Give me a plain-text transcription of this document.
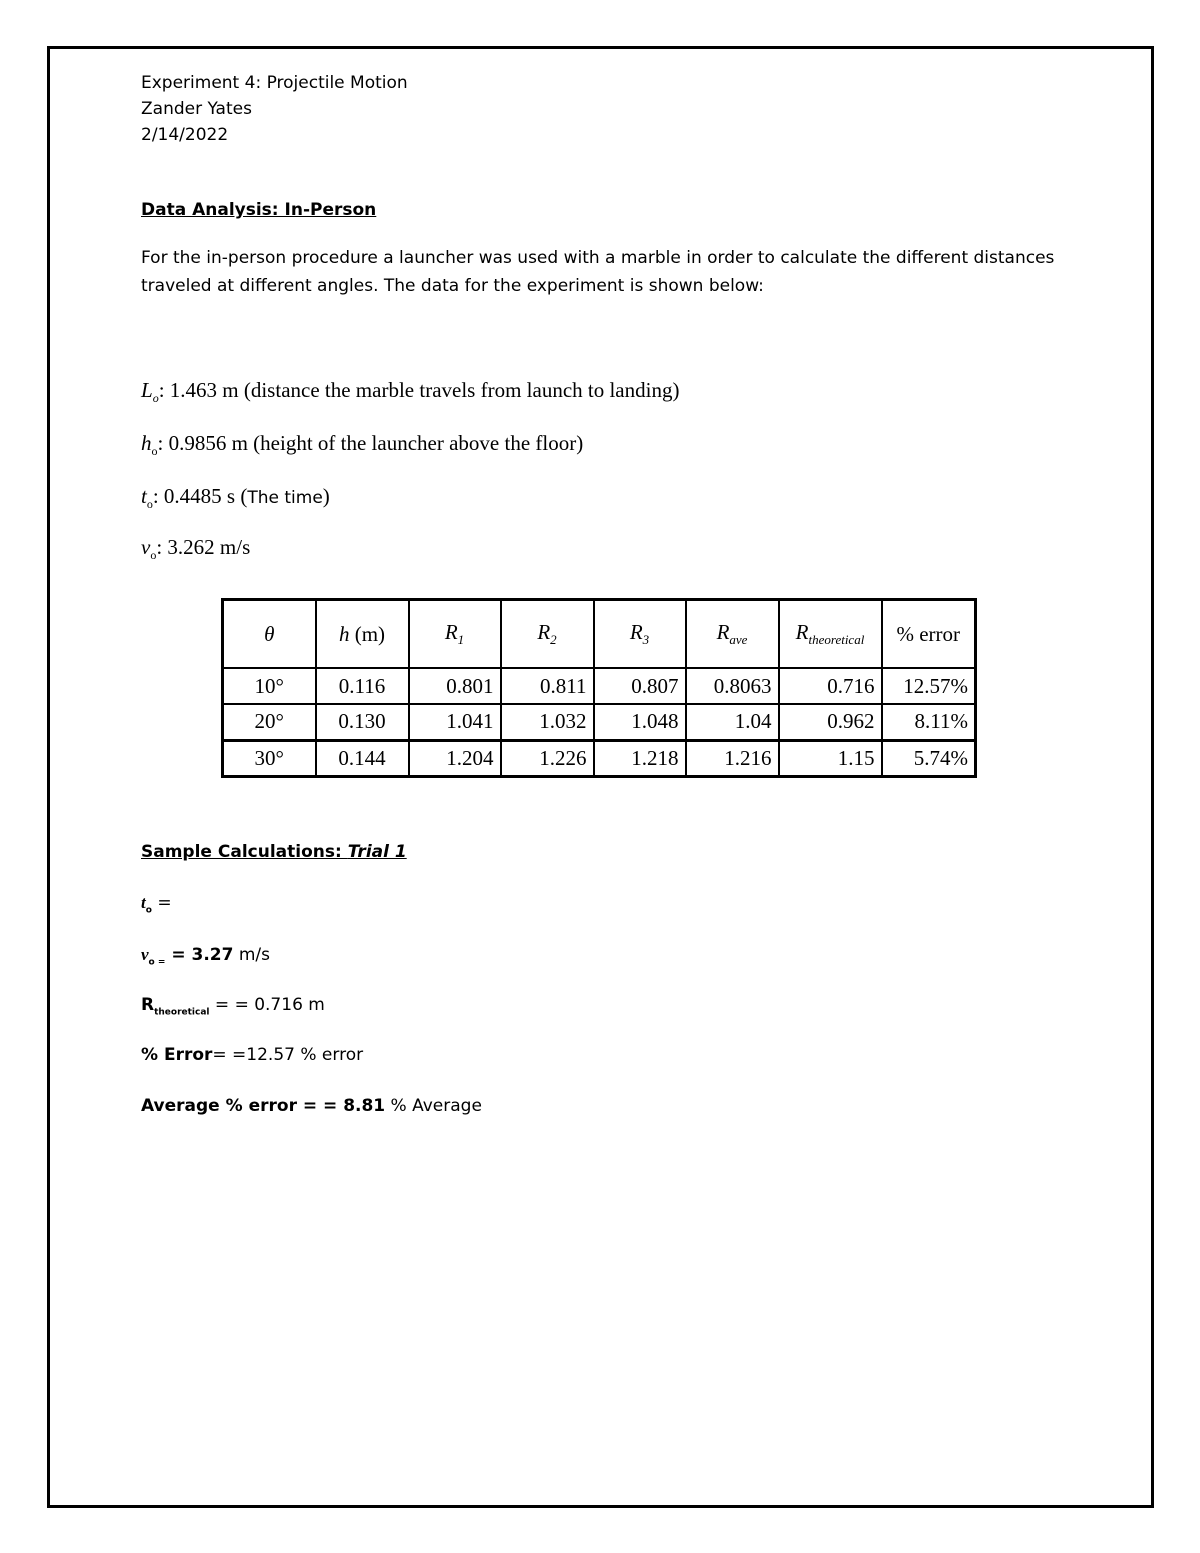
Experiment 4: Projectile Motion
Zander Yates
2/14/2022
Data Analysis: In-Person
For the in-person procedure a launcher was used with a marble in order to calculate the different distances
traveled at different angles. The data for the experiment is shown below:
$L_o$: 1.463 m (distance the marble travels from launch to landing)
$h_o$: 0.9856 m (height of the launcher above the floor)
$t_o$: 0.4485 s (The time)
$v_o$: 3.262 m/s
θ	h (m)	$R_1$	$R_2$	$R_3$	$R_{ave}$	$R_{theoretical}$	% error
10°	0.116	0.801	0.811	0.807	0.8063	0.716	12.57%
20°	0.130	1.041	1.032	1.048	1.04	0.962	8.11%
30°	0.144	1.204	1.226	1.218	1.216	1.15	5.74%
Sample Calculations: Trial 1
$t_o$ =
$v_{o =} = 3.27$ m/s
$R_{theoretical}$ = = 0.716 m
% Error= =12.57 % error
Average % error = = 8.81 % Average
